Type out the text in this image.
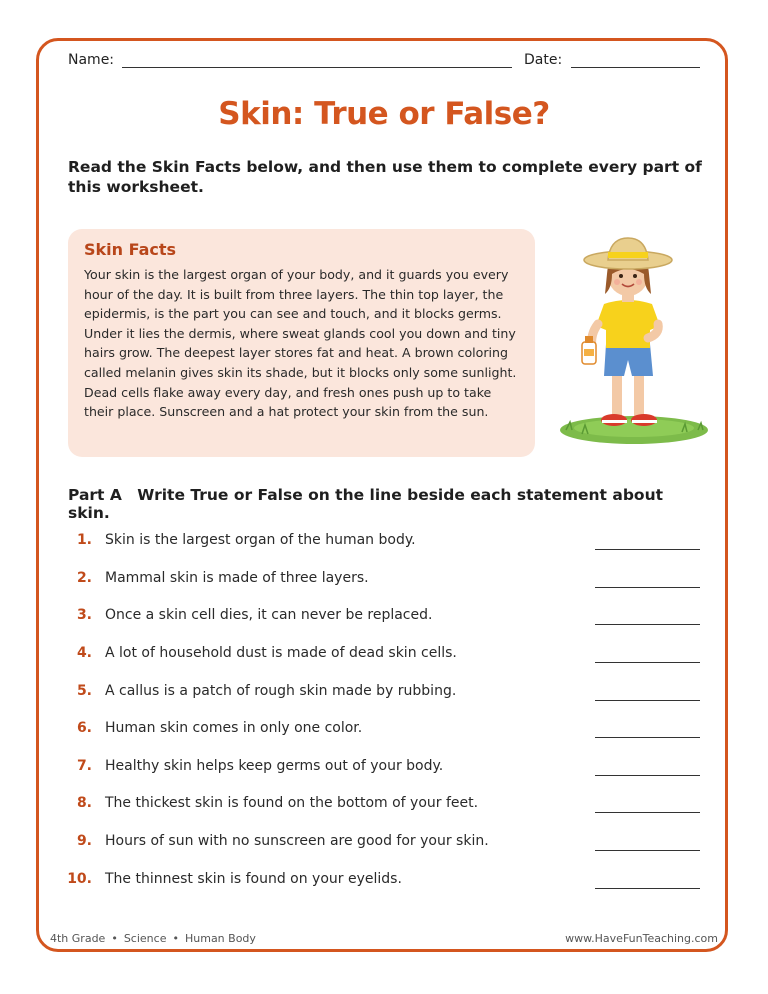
Name:	Date:
Skin: True or False?
Read the Skin Facts below, and then use them to complete every part of this worksheet.
Skin Facts
Your skin is the largest organ of your body, and it guards you every hour of the day. It is built from three layers. The thin top layer, the epidermis, is the part you can see and touch, and it blocks germs. Under it lies the dermis, where sweat glands cool you down and tiny hairs grow. The deepest layer stores fat and heat. A brown coloring called melanin gives skin its shade, but it blocks only some sunlight. Dead cells flake away every day, and fresh ones push up to take their place. Sunscreen and a hat protect your skin from the sun.
Part A Write True or False on the line beside each statement about skin.
1. Skin is the largest organ of the human body.
2. Mammal skin is made of three layers.
3. Once a skin cell dies, it can never be replaced.
4. A lot of household dust is made of dead skin cells.
5. A callus is a patch of rough skin made by rubbing.
6. Human skin comes in only one color.
7. Healthy skin helps keep germs out of your body.
8. The thickest skin is found on the bottom of your feet.
9. Hours of sun with no sunscreen are good for your skin.
10. The thinnest skin is found on your eyelids.
4th Grade • Science • Human Body	www.HaveFunTeaching.com
